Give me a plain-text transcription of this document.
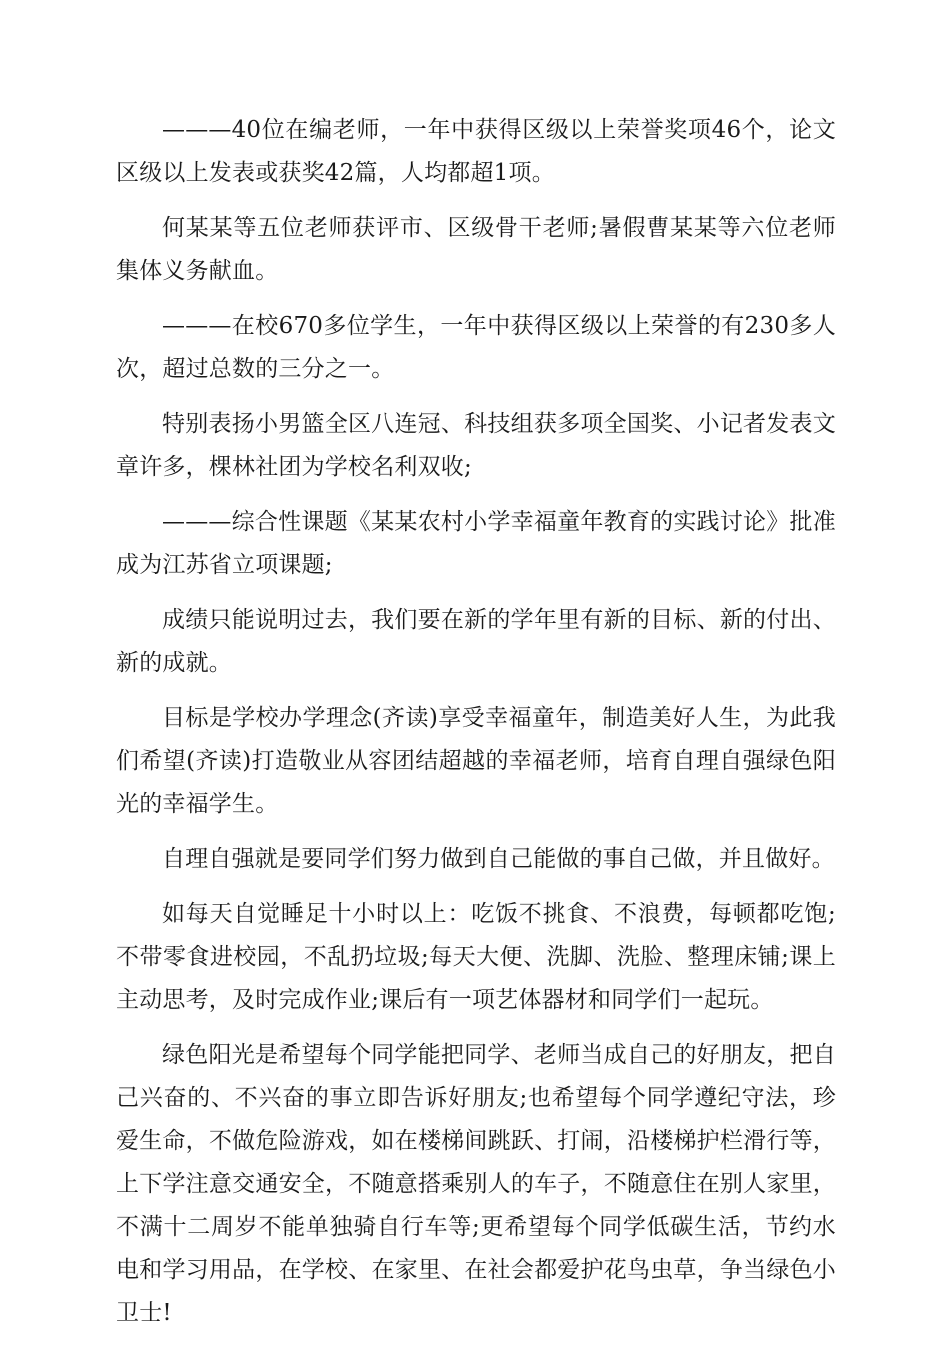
———40位在编老师，一年中获得区级以上荣誉奖项46个，论文区级以上发表或获奖42篇，人均都超1项。

何某某等五位老师获评市、区级骨干老师;暑假曹某某等六位老师集体义务献血。

———在校670多位学生，一年中获得区级以上荣誉的有230多人次，超过总数的三分之一。

特别表扬小男篮全区八连冠、科技组获多项全国奖、小记者发表文章许多，棵林社团为学校名利双收;

———综合性课题《某某农村小学幸福童年教育的实践讨论》批准成为江苏省立项课题;

成绩只能说明过去，我们要在新的学年里有新的目标、新的付出、新的成就。

目标是学校办学理念(齐读)享受幸福童年，制造美好人生，为此我们希望(齐读)打造敬业从容团结超越的幸福老师，培育自理自强绿色阳光的幸福学生。

自理自强就是要同学们努力做到自己能做的事自己做，并且做好。

如每天自觉睡足十小时以上：吃饭不挑食、不浪费，每顿都吃饱;不带零食进校园，不乱扔垃圾;每天大便、洗脚、洗脸、整理床铺;课上主动思考，及时完成作业;课后有一项艺体器材和同学们一起玩。

绿色阳光是希望每个同学能把同学、老师当成自己的好朋友，把自己兴奋的、不兴奋的事立即告诉好朋友;也希望每个同学遵纪守法，珍爱生命，不做危险游戏，如在楼梯间跳跃、打闹，沿楼梯护栏滑行等，上下学注意交通安全，不随意搭乘别人的车子，不随意住在别人家里，不满十二周岁不能单独骑自行车等;更希望每个同学低碳生活，节约水电和学习用品，在学校、在家里、在社会都爱护花鸟虫草，争当绿色小卫士!
